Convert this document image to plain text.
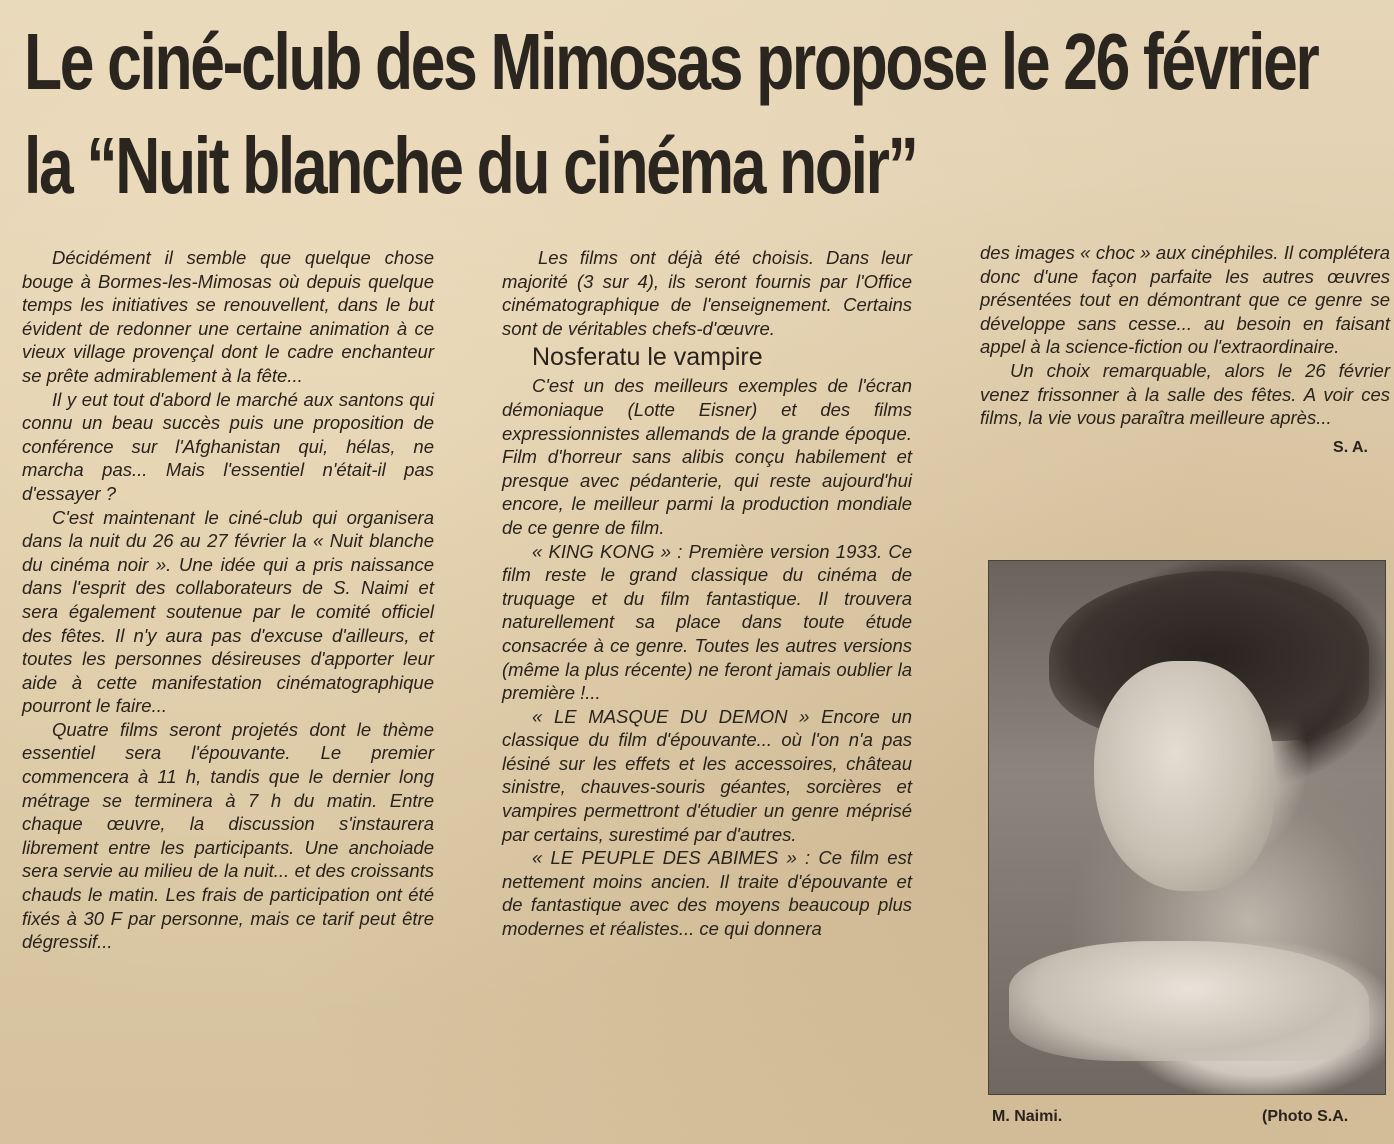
Le ciné-club des Mimosas propose le 26 février
la “Nuit blanche du cinéma noir”

Décidément il semble que quelque chose bouge à Bormes-les-Mimosas où depuis quelque temps les initiatives se renouvellent, dans le but évident de redonner une certaine animation à ce vieux village provençal dont le cadre enchanteur se prête admirablement à la fête...

Il y eut tout d'abord le marché aux santons qui connu un beau succès puis une proposition de conférence sur l'Afghanistan qui, hélas, ne marcha pas... Mais l'essentiel n'était-il pas d'essayer ?

C'est maintenant le ciné-club qui organisera dans la nuit du 26 au 27 février la « Nuit blanche du cinéma noir ». Une idée qui a pris naissance dans l'esprit des collaborateurs de S. Naimi et sera également soutenue par le comité officiel des fêtes. Il n'y aura pas d'excuse d'ailleurs, et toutes les personnes désireuses d'apporter leur aide à cette manifestation cinématographique pourront le faire...

Quatre films seront projetés dont le thème essentiel sera l'épouvante. Le premier commencera à 11 h, tandis que le dernier long métrage se terminera à 7 h du matin. Entre chaque œuvre, la discussion s'instaurera librement entre les participants. Une anchoiade sera servie au milieu de la nuit... et des croissants chauds le matin. Les frais de participation ont été fixés à 30 F par personne, mais ce tarif peut être dégressif...

Les films ont déjà été choisis. Dans leur majorité (3 sur 4), ils seront fournis par l'Office cinématographique de l'enseignement. Certains sont de véritables chefs-d'œuvre.

Nosferatu le vampire

C'est un des meilleurs exemples de l'écran démoniaque (Lotte Eisner) et des films expressionnistes allemands de la grande époque. Film d'horreur sans alibis conçu habilement et presque avec pédanterie, qui reste aujourd'hui encore, le meilleur parmi la production mondiale de ce genre de film.

« KING KONG » : Première version 1933. Ce film reste le grand classique du cinéma de truquage et du film fantastique. Il trouvera naturellement sa place dans toute étude consacrée à ce genre. Toutes les autres versions (même la plus récente) ne feront jamais oublier la première !...

« LE MASQUE DU DEMON » Encore un classique du film d'épouvante... où l'on n'a pas lésiné sur les effets et les accessoires, château sinistre, chauves-souris géantes, sorcières et vampires permettront d'étudier un genre méprisé par certains, surestimé par d'autres.

« LE PEUPLE DES ABIMES » : Ce film est nettement moins ancien. Il traite d'épouvante et de fantastique avec des moyens beaucoup plus modernes et réalistes... ce qui donnera

des images « choc » aux cinéphiles. Il complétera donc d'une façon parfaite les autres œuvres présentées tout en démontrant que ce genre se développe sans cesse... au besoin en faisant appel à la science-fiction ou l'extraordinaire.

Un choix remarquable, alors le 26 février venez frissonner à la salle des fêtes. A voir ces films, la vie vous paraîtra meilleure après...

S. A.
M. Naimi.	(Photo S.A.
